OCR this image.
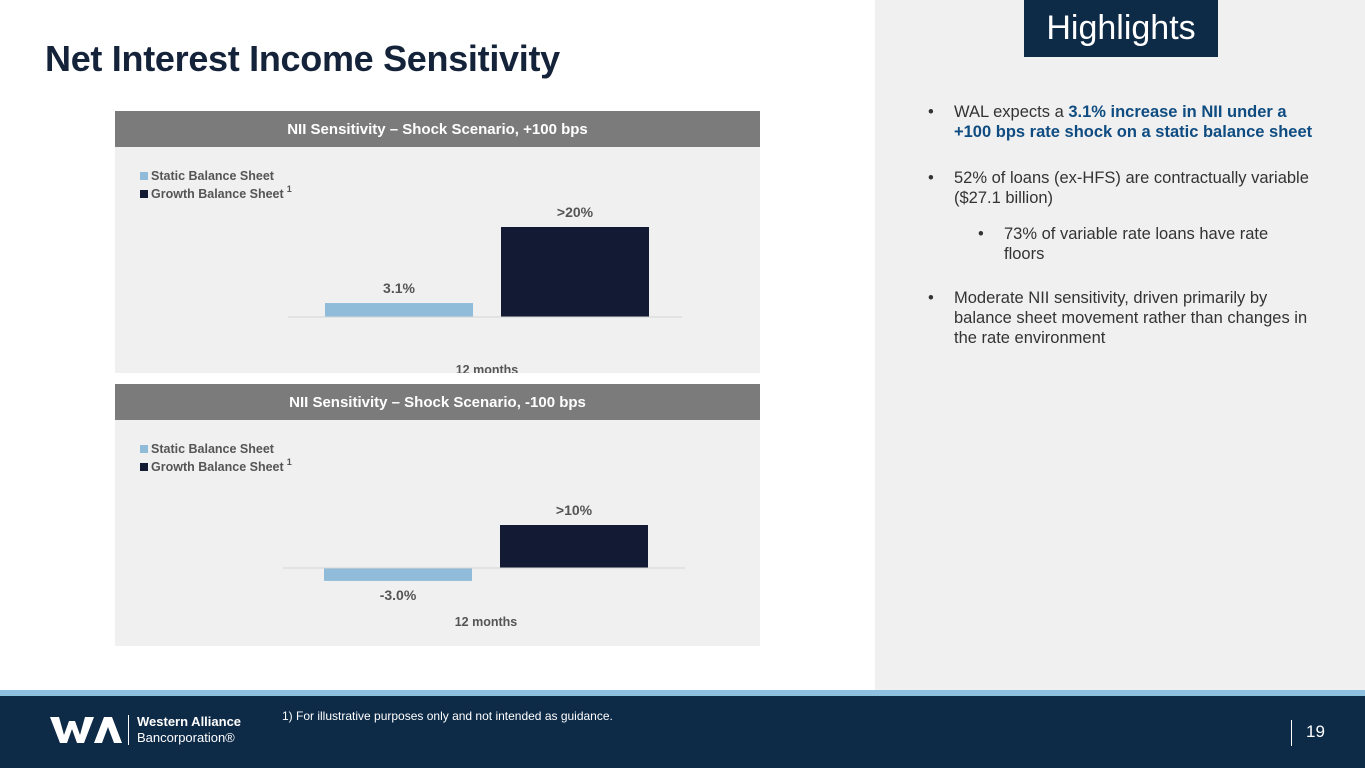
Net Interest Income Sensitivity
Highlights
• WAL expects a 3.1% increase in NII under a +100 bps rate shock on a static balance sheet
• 52% of loans (ex-HFS) are contractually variable ($27.1 billion)
• 73% of variable rate loans have rate floors
• Moderate NII sensitivity, driven primarily by balance sheet movement rather than changes in the rate environment
NII Sensitivity – Shock Scenario, +100 bps
Static Balance Sheet
Growth Balance Sheet 1
3.1%
>20%
12 months
NII Sensitivity – Shock Scenario, -100 bps
Static Balance Sheet
Growth Balance Sheet 1
-3.0%
>10%
12 months
1) For illustrative purposes only and not intended as guidance.
Western Alliance
Bancorporation®	19
